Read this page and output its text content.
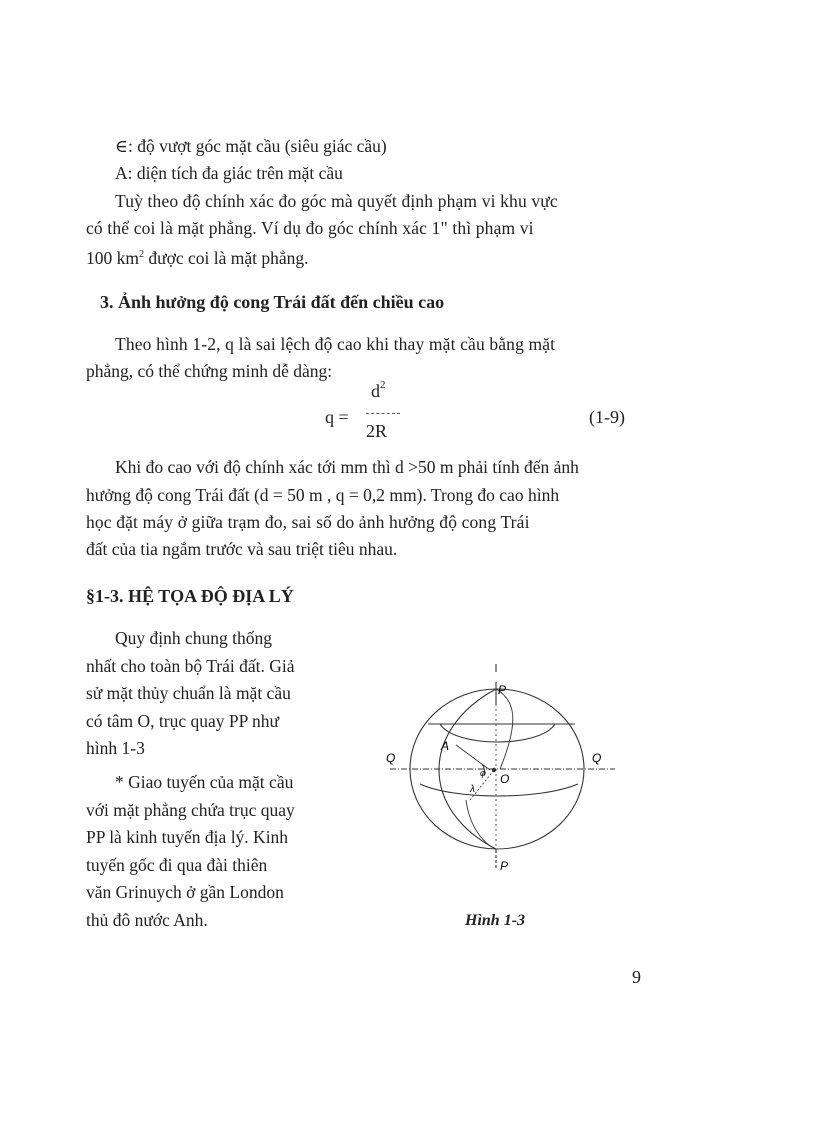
∈: độ vượt góc mặt cầu (siêu giác cầu)
A: diện tích đa giác trên mặt cầu
Tuỳ theo độ chính xác đo góc mà quyết định phạm vi khu vực
có thể coi là mặt phẳng. Ví dụ đo góc chính xác 1" thì phạm vi
100 $km^2$ được coi là mặt phẳng.
3. Ảnh hưởng độ cong Trái đất đến chiều cao
Theo hình 1-2, q là sai lệch độ cao khi thay mặt cầu bằng mặt
phẳng, có thể chứng minh dễ dàng:
q =
$d^2$
2R
(1-9)
Khi đo cao với độ chính xác tới mm thì d >50 m phải tính đến ảnh
hưởng độ cong Trái đất (d = 50 m , q = 0,2 mm). Trong đo cao hình
học đặt máy ở giữa trạm đo, sai số do ảnh hưởng độ cong Trái
đất của tia ngắm trước và sau triệt tiêu nhau.
§1-3. HỆ TỌA ĐỘ ĐỊA LÝ
Quy định chung thống
nhất cho toàn bộ Trái đất. Giả
sử mặt thủy chuẩn là mặt cầu
có tâm O, trục quay PP như
hình 1-3
* Giao tuyến của mặt cầu
với mặt phẳng chứa trục quay
PP là kinh tuyến địa lý. Kinh
tuyến gốc đi qua đài thiên
văn Grinuych ở gần London
thủ đô nước Anh.
P
P
Q	Q
A
O
λ
φ
Hình 1-3
9
